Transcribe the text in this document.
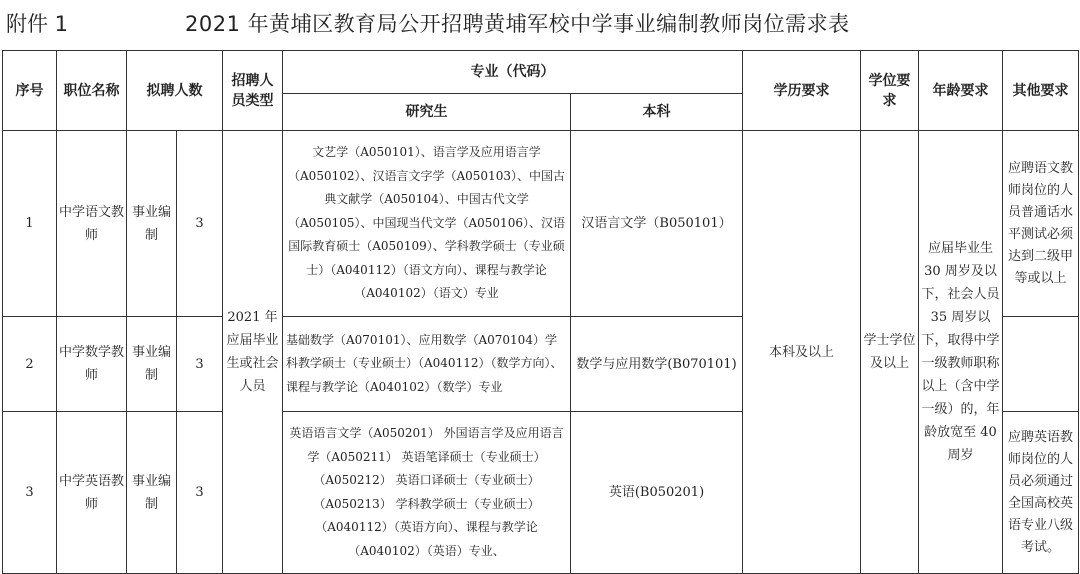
附件 1	2021 年黄埔区教育局公开招聘黄埔军校中学事业编制教师岗位需求表
序号	职位名称	拟聘人数		招聘人员类型	专业（代码）		学历要求	学位要求	年龄要求	其他要求
					研究生	本科				
1	中学语文教师	事业编制	3	2021 年应届毕业生或社会人员	文艺学（A050101）、语言学及应用语言学（A050102）、汉语言文字学（A050103）、中国古典文献学（A050104）、中国古代文学（A050105）、中国现当代文学（A050106）、汉语国际教育硕士（A050109）、学科教学硕士（专业硕士）（A040112）（语文方向）、课程与教学论（A040102）（语文）专业	汉语言文学（B050101）	本科及以上	学士学位及以上	应届毕业生 30 周岁及以下，社会人员 35 周岁以下，取得中学一级教师职称以上（含中学一级）的，年龄放宽至 40 周岁	应聘语文教师岗位的人员普通话水平测试必须达到二级甲等或以上
2	中学数学教师	事业编制	3		基础数学（A070101）、应用数学（A070104）学科教学硕士（专业硕士）（A040112）（数学方向）、 课程与教学论（A040102）（数学）专业	数学与应用数学(B070101)				
3	中学英语教师	事业编制	3		英语语言文学（A050201） 外国语言学及应用语言学（A050211） 英语笔译硕士（专业硕士）（A050212） 英语口译硕士（专业硕士）（A050213） 学科教学硕士（专业硕士）（A040112）（英语方向）、课程与教学论（A040102）（英语）专业、	英语(B050201)				应聘英语教师岗位的人员必须通过全国高校英语专业八级考试。
